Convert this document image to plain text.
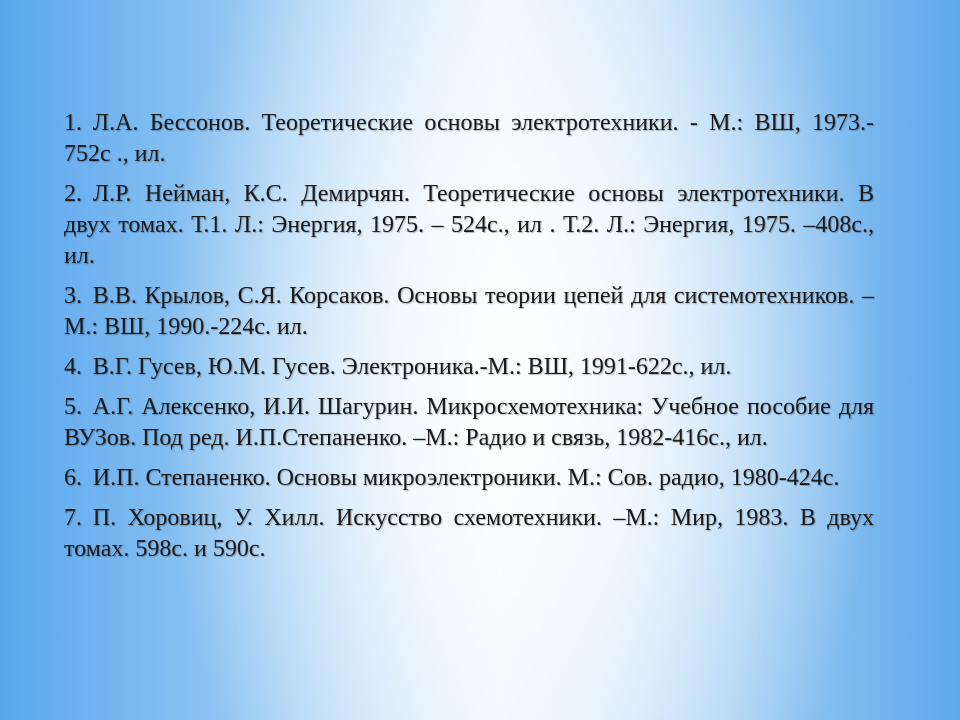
1. Л.А. Бессонов. Теоретические основы электротехники. - М.: ВШ, 1973.- 752с ., ил.
2. Л.Р. Нейман, К.С. Демирчян. Теоретические основы электротехники. В двух томах. Т.1. Л.: Энергия, 1975. – 524с., ил . Т.2. Л.: Энергия, 1975. –408с., ил.
3. В.В. Крылов, С.Я. Корсаков. Основы теории цепей для системотехников. – М.: ВШ, 1990.-224с. ил.
4. В.Г. Гусев, Ю.М. Гусев. Электроника.-М.: ВШ, 1991-622с., ил.
5. А.Г. Алексенко, И.И. Шагурин. Микросхемотехника: Учебное пособие для ВУЗов. Под ред. И.П.Степаненко. –М.: Радио и связь, 1982-416с., ил.
6. И.П. Степаненко. Основы микроэлектроники. М.: Сов. радио, 1980-424с.
7. П. Хоровиц, У. Хилл. Искусство схемотехники. –М.: Мир, 1983. В двух томах. 598с. и 590с.
